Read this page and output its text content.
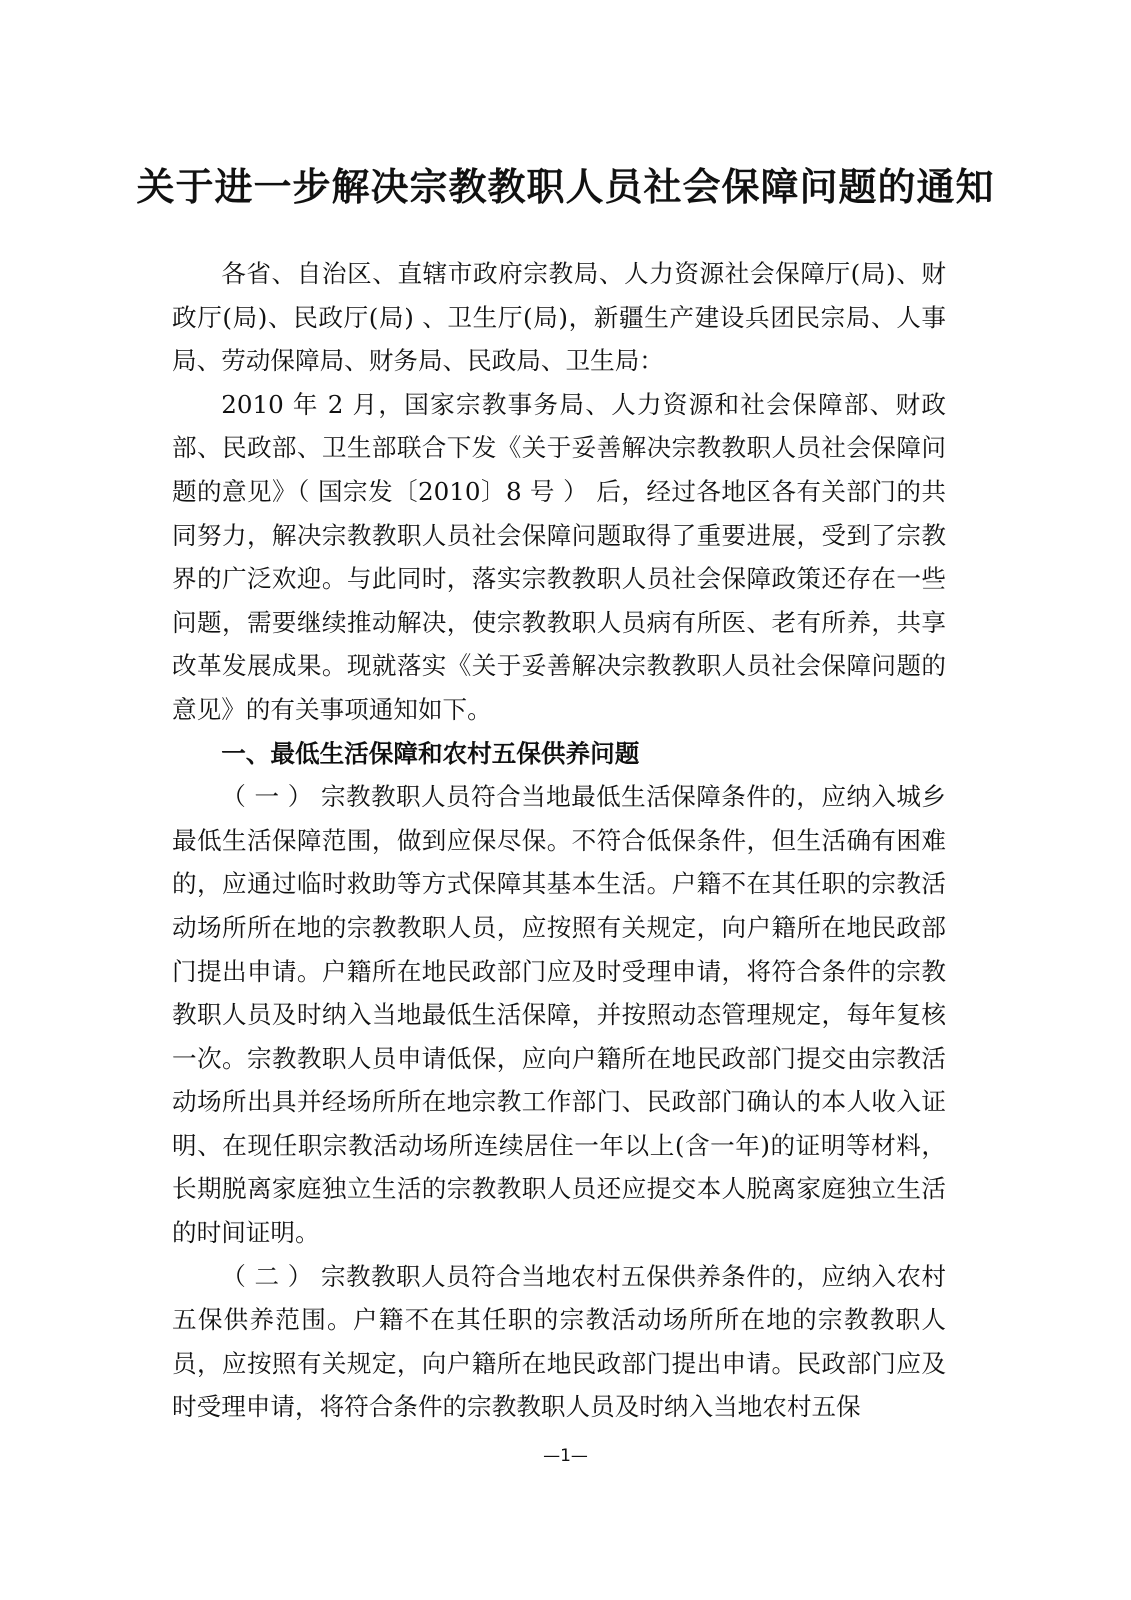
关于进一步解决宗教教职人员社会保障问题的通知

各省、自治区、直辖市政府宗教局、人力资源社会保障厅(局)、财政厅(局)、民政厅(局) 、卫生厅(局)，新疆生产建设兵团民宗局、人事局、劳动保障局、财务局、民政局、卫生局：

2010 年 2 月，国家宗教事务局、人力资源和社会保障部、财政部、民政部、卫生部联合下发《关于妥善解决宗教教职人员社会保障问题的意见》（ 国宗发〔2010〕8 号 ） 后，经过各地区各有关部门的共同努力，解决宗教教职人员社会保障问题取得了重要进展，受到了宗教界的广泛欢迎。与此同时，落实宗教教职人员社会保障政策还存在一些问题，需要继续推动解决，使宗教教职人员病有所医、老有所养，共享改革发展成果。现就落实《关于妥善解决宗教教职人员社会保障问题的意见》的有关事项通知如下。

一、最低生活保障和农村五保供养问题

（ 一 ） 宗教教职人员符合当地最低生活保障条件的，应纳入城乡最低生活保障范围，做到应保尽保。不符合低保条件，但生活确有困难的，应通过临时救助等方式保障其基本生活。户籍不在其任职的宗教活动场所所在地的宗教教职人员，应按照有关规定，向户籍所在地民政部门提出申请。户籍所在地民政部门应及时受理申请，将符合条件的宗教教职人员及时纳入当地最低生活保障，并按照动态管理规定，每年复核一次。宗教教职人员申请低保，应向户籍所在地民政部门提交由宗教活动场所出具并经场所所在地宗教工作部门、民政部门确认的本人收入证明、在现任职宗教活动场所连续居住一年以上(含一年)的证明等材料，长期脱离家庭独立生活的宗教教职人员还应提交本人脱离家庭独立生活的时间证明。

（ 二 ） 宗教教职人员符合当地农村五保供养条件的，应纳入农村五保供养范围。户籍不在其任职的宗教活动场所所在地的宗教教职人员，应按照有关规定，向户籍所在地民政部门提出申请。民政部门应及时受理申请，将符合条件的宗教教职人员及时纳入当地农村五保

—1—
